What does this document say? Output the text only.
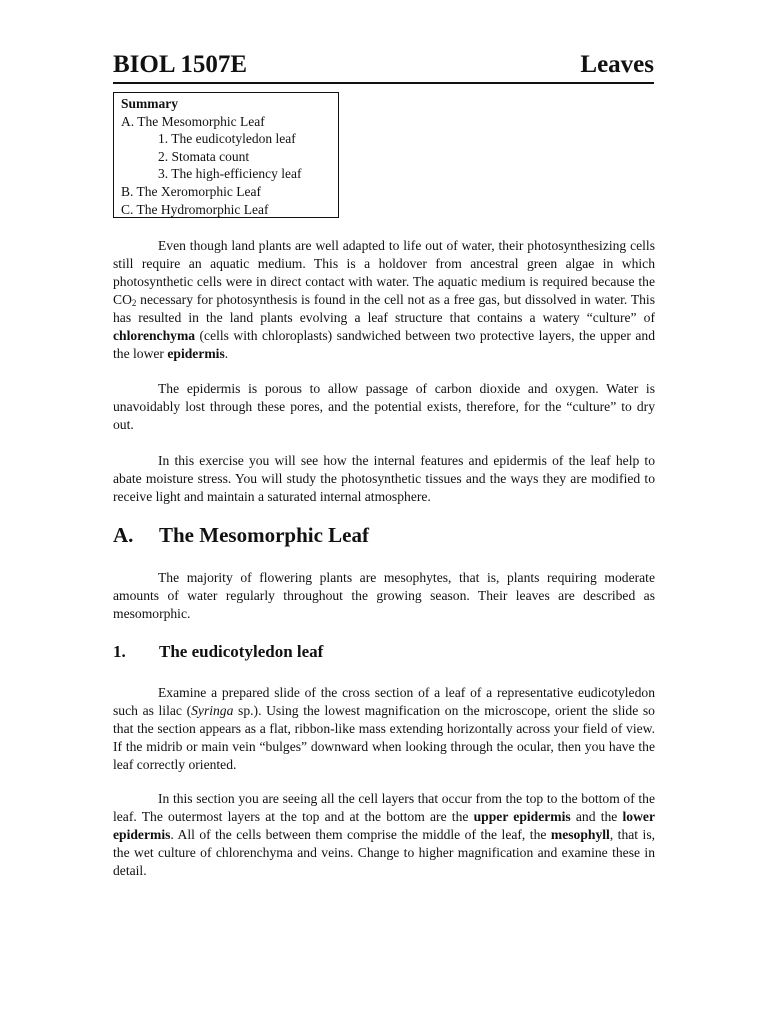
BIOL 1507E	Leaves
Summary
A. The Mesomorphic Leaf
1. The eudicotyledon leaf
2. Stomata count
3. The high-efficiency leaf
B. The Xeromorphic Leaf
C. The Hydromorphic Leaf

Even though land plants are well adapted to life out of water, their photosynthesizing cells still require an aquatic medium. This is a holdover from ancestral green algae in which photosynthetic cells were in direct contact with water. The aquatic medium is required because the $CO_2$ necessary for photosynthesis is found in the cell not as a free gas, but dissolved in water. This has resulted in the land plants evolving a leaf structure that contains a watery “culture” of chlorenchyma (cells with chloroplasts) sandwiched between two protective layers, the upper and the lower epidermis.

The epidermis is porous to allow passage of carbon dioxide and oxygen. Water is unavoidably lost through these pores, and the potential exists, therefore, for the “culture” to dry out.

In this exercise you will see how the internal features and epidermis of the leaf help to abate moisture stress. You will study the photosynthetic tissues and the ways they are modified to receive light and maintain a saturated internal atmosphere.

A. The Mesomorphic Leaf

The majority of flowering plants are mesophytes, that is, plants requiring moderate amounts of water regularly throughout the growing season. Their leaves are described as mesomorphic.

1. The eudicotyledon leaf

Examine a prepared slide of the cross section of a leaf of a representative eudicotyledon such as lilac (Syringa sp.). Using the lowest magnification on the microscope, orient the slide so that the section appears as a flat, ribbon-like mass extending horizontally across your field of view. If the midrib or main vein “bulges” downward when looking through the ocular, then you have the leaf correctly oriented.

In this section you are seeing all the cell layers that occur from the top to the bottom of the leaf. The outermost layers at the top and at the bottom are the upper epidermis and the lower epidermis. All of the cells between them comprise the middle of the leaf, the mesophyll, that is, the wet culture of chlorenchyma and veins. Change to higher magnification and examine these in detail.
